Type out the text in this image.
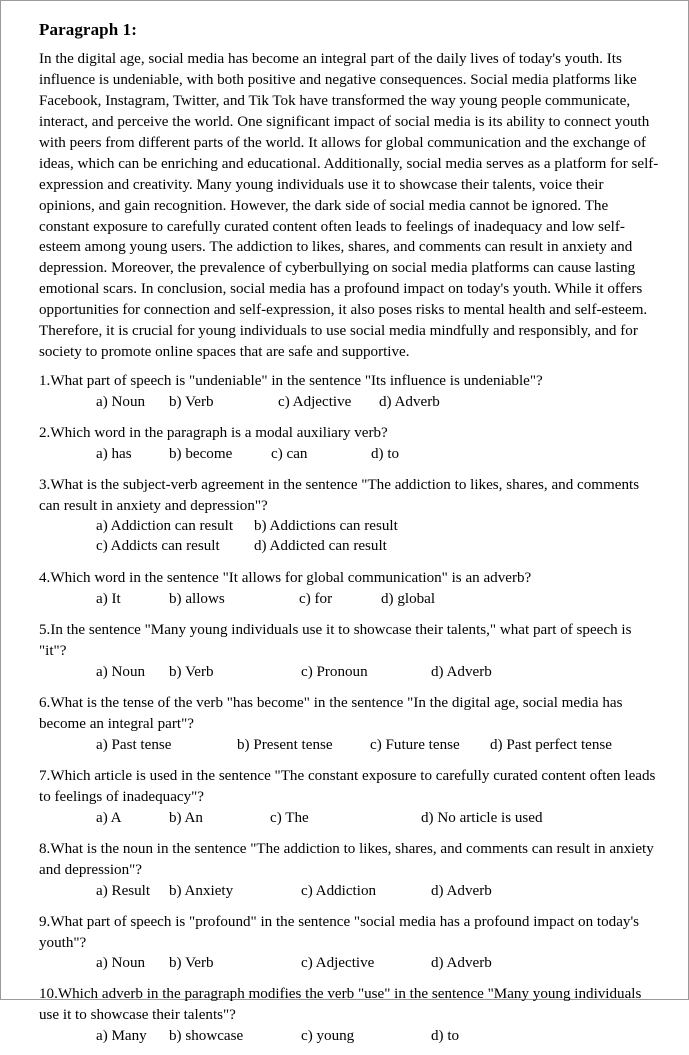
Paragraph 1:

In the digital age, social media has become an integral part of the daily lives of today's youth. Its influence is undeniable, with both positive and negative consequences. Social media platforms like Facebook, Instagram, Twitter, and Tik Tok have transformed the way young people communicate, interact, and perceive the world. One significant impact of social media is its ability to connect youth with peers from different parts of the world. It allows for global communication and the exchange of ideas, which can be enriching and educational. Additionally, social media serves as a platform for self-expression and creativity. Many young individuals use it to showcase their talents, voice their opinions, and gain recognition. However, the dark side of social media cannot be ignored. The constant exposure to carefully curated content often leads to feelings of inadequacy and low self-esteem among young users. The addiction to likes, shares, and comments can result in anxiety and depression. Moreover, the prevalence of cyberbullying on social media platforms can cause lasting emotional scars. In conclusion, social media has a profound impact on today's youth. While it offers opportunities for connection and self-expression, it also poses risks to mental health and self-esteem. Therefore, it is crucial for young individuals to use social media mindfully and responsibly, and for society to promote online spaces that are safe and supportive.

1.What part of speech is "undeniable" in the sentence "Its influence is undeniable"?
a) Noun b) Verb	c) Adjective d) Adverb
2.Which word in the paragraph is a modal auxiliary verb?
a) has b) become	c) can	d) to
3.What is the subject-verb agreement in the sentence "The addiction to likes, shares, and comments can result in anxiety and depression"?
a) Addiction can result b) Addictions can result
c) Addicts can result d) Addicted can result
4.Which word in the sentence "It allows for global communication" is an adverb?
a) It	b) allows	c) for	d) global
5.In the sentence "Many young individuals use it to showcase their talents," what part of speech is "it"?
a) Noun b) Verb	c) Pronoun	d) Adverb
6.What is the tense of the verb "has become" in the sentence "In the digital age, social media has become an integral part"?
a) Past tense	b) Present tense c) Future tense d) Past perfect tense
7.Which article is used in the sentence "The constant exposure to carefully curated content often leads to feelings of inadequacy"?
a) A	b) An	c) The	d) No article is used
8.What is the noun in the sentence "The addiction to likes, shares, and comments can result in anxiety and depression"?
a) Result b) Anxiety	c) Addiction	d) Adverb
9.What part of speech is "profound" in the sentence "social media has a profound impact on today's youth"?
a) Noun b) Verb	c) Adjective	d) Adverb
10.Which adverb in the paragraph modifies the verb "use" in the sentence "Many young individuals use it to showcase their talents"?
a) Many b) showcase	c) young	d) to
